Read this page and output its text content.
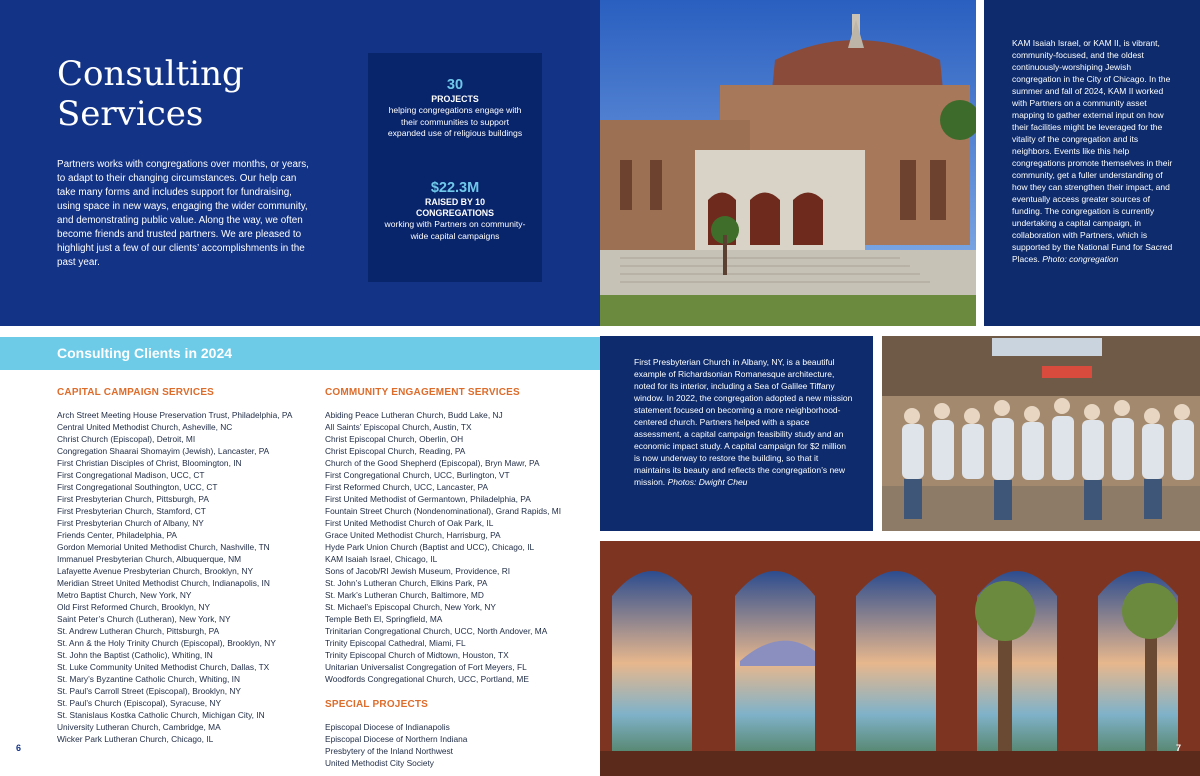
Consulting
Services

Partners works with congregations over months, or years, to adapt to their changing circumstances. Our help can take many forms and includes support for fundraising, using space in new ways, engaging the wider community, and demonstrating public value. Along the way, we often become friends and trusted partners. We are pleased to highlight just a few of our clients’ accomplishments in the past year.

30
PROJECTS
helping congregations engage with their communities to support expanded use of religious buildings
$22.3M
RAISED BY 10 CONGREGATIONS
working with Partners on community-wide capital campaigns
Consulting Clients in 2024
CAPITAL CAMPAIGN SERVICES
Arch Street Meeting House Preservation Trust, Philadelphia, PA
Central United Methodist Church, Asheville, NC
Christ Church (Episcopal), Detroit, MI
Congregation Shaarai Shomayim (Jewish), Lancaster, PA
First Christian Disciples of Christ, Bloomington, IN
First Congregational Madison, UCC, CT
First Congregational Southington, UCC, CT
First Presbyterian Church, Pittsburgh, PA
First Presbyterian Church, Stamford, CT
First Presbyterian Church of Albany, NY
Friends Center, Philadelphia, PA
Gordon Memorial United Methodist Church, Nashville, TN
Immanuel Presbyterian Church, Albuquerque, NM
Lafayette Avenue Presbyterian Church, Brooklyn, NY
Meridian Street United Methodist Church, Indianapolis, IN
Metro Baptist Church, New York, NY
Old First Reformed Church, Brooklyn, NY
Saint Peter’s Church (Lutheran), New York, NY
St. Andrew Lutheran Church, Pittsburgh, PA
St. Ann & the Holy Trinity Church (Episcopal), Brooklyn, NY
St. John the Baptist (Catholic), Whiting, IN
St. Luke Community United Methodist Church, Dallas, TX
St. Mary’s Byzantine Catholic Church, Whiting, IN
St. Paul’s Carroll Street (Episcopal), Brooklyn, NY
St. Paul’s Church (Episcopal), Syracuse, NY
St. Stanislaus Kostka Catholic Church, Michigan City, IN
University Lutheran Church, Cambridge, MA
Wicker Park Lutheran Church, Chicago, IL
COMMUNITY ENGAGEMENT SERVICES
Abiding Peace Lutheran Church, Budd Lake, NJ
All Saints’ Episcopal Church, Austin, TX
Christ Episcopal Church, Oberlin, OH
Christ Episcopal Church, Reading, PA
Church of the Good Shepherd (Episcopal), Bryn Mawr, PA
First Congregational Church, UCC, Burlington, VT
First Reformed Church, UCC, Lancaster, PA
First United Methodist of Germantown, Philadelphia, PA
Fountain Street Church (Nondenominational), Grand Rapids, MI
First United Methodist Church of Oak Park, IL
Grace United Methodist Church, Harrisburg, PA
Hyde Park Union Church (Baptist and UCC), Chicago, IL
KAM Isaiah Israel, Chicago, IL
Sons of Jacob/RI Jewish Museum, Providence, RI
St. John’s Lutheran Church, Elkins Park, PA
St. Mark’s Lutheran Church, Baltimore, MD
St. Michael’s Episcopal Church, New York, NY
Temple Beth El, Springfield, MA
Trinitarian Congregational Church, UCC, North Andover, MA
Trinity Episcopal Cathedral, Miami, FL
Trinity Episcopal Church of Midtown, Houston, TX
Unitarian Universalist Congregation of Fort Meyers, FL
Woodfords Congregational Church, UCC, Portland, ME
SPECIAL PROJECTS
Episcopal Diocese of Indianapolis
Episcopal Diocese of Northern Indiana
Presbytery of the Inland Northwest
United Methodist City Society
6
KAM Isaiah Israel, or KAM II, is vibrant, community-focused, and the oldest continuously-worshiping Jewish congregation in the City of Chicago. In the summer and fall of 2024, KAM II worked with Partners on a community asset mapping to gather external input on how their facilities might be leveraged for the vitality of the congregation and its neighbors. Events like this help congregations promote themselves in their community, get a fuller understanding of how they can strengthen their impact, and eventually access greater sources of funding. The congregation is currently undertaking a capital campaign, in collaboration with Partners, which is supported by the National Fund for Sacred Places. Photo: congregation
First Presbyterian Church in Albany, NY, is a beautiful example of Richardsonian Romanesque architecture, noted for its interior, including a Sea of Galilee Tiffany window. In 2022, the congregation adopted a new mission statement focused on becoming a more neighborhood-centered church. Partners helped with a space assessment, a capital campaign feasibility study and an economic impact study. A capital campaign for $2 million is now underway to restore the building, so that it maintains its beauty and reflects the congregation’s new mission. Photos: Dwight Cheu
7
